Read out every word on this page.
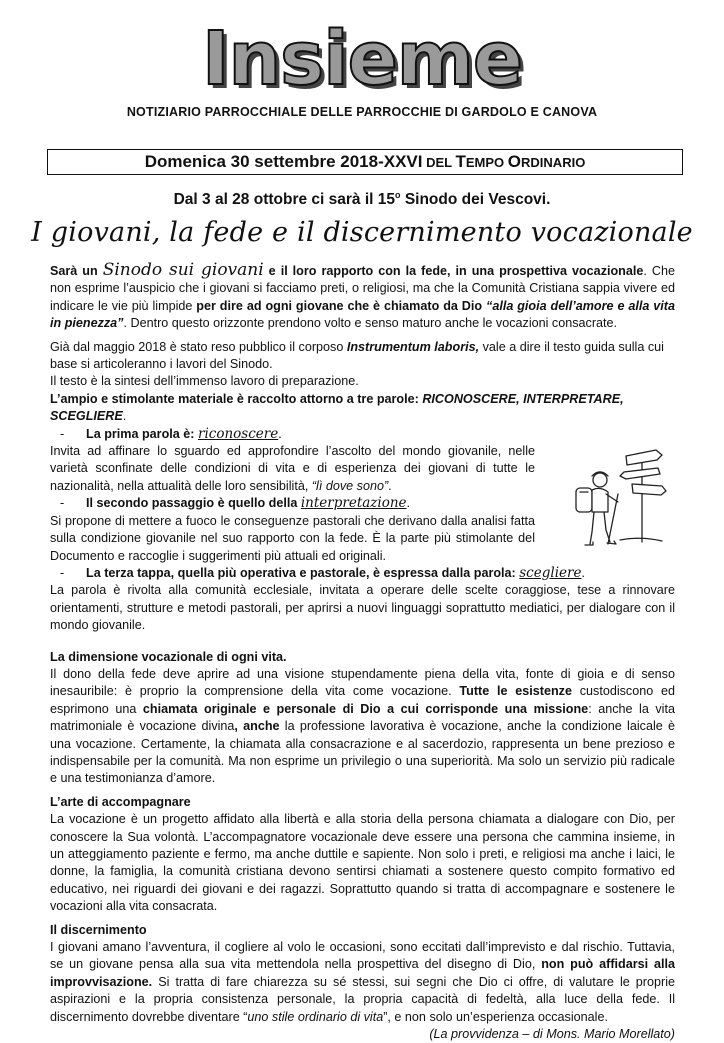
Insieme
NOTIZIARIO PARROCCHIALE DELLE PARROCCHIE DI GARDOLO E CANOVA
Domenica 30 settembre 2018-XXVI DEL TEMPO ORDINARIO
Dal 3 al 28 ottobre ci sarà il 15$^o$ Sinodo dei Vescovi.
I giovani, la fede e il discernimento vocazionale

Sarà un Sinodo sui giovani e il loro rapporto con la fede, in una prospettiva vocazionale. Che non esprime l’auspicio che i giovani si facciamo preti, o religiosi, ma che la Comunità Cristiana sappia vivere ed indicare le vie più limpide per dire ad ogni giovane che è chiamato da Dio “alla gioia dell’amore e alla vita in pienezza”. Dentro questo orizzonte prendono volto e senso maturo anche le vocazioni consacrate.

Già dal maggio 2018 è stato reso pubblico il corposo Instrumentum laboris, vale a dire il testo guida sulla cui base si articoleranno i lavori del Sinodo.

Il testo è la sintesi dell’immenso lavoro di preparazione.

L’ampio e stimolante materiale è raccolto attorno a tre parole: RICONOSCERE, INTERPRETARE, SCEGLIERE.

-	La prima parola è: riconoscere.

Invita ad affinare lo sguardo ed approfondire l’ascolto del mondo giovanile, nelle varietà sconfinate delle condizioni di vita e di esperienza dei giovani di tutte le nazionalità, nella attualità delle loro sensibilità, “lì dove sono”.

-	Il secondo passaggio è quello della interpretazione.

Si propone di mettere a fuoco le conseguenze pastorali che derivano dalla analisi fatta sulla condizione giovanile nel suo rapporto con la fede. È la parte più stimolante del Documento e raccoglie i suggerimenti più attuali ed originali.

-	La terza tappa, quella più operativa e pastorale, è espressa dalla parola: scegliere.

La parola è rivolta alla comunità ecclesiale, invitata a operare delle scelte coraggiose, tese a rinnovare orientamenti, strutture e metodi pastorali, per aprirsi a nuovi linguaggi soprattutto mediatici, per dialogare con il mondo giovanile.

La dimensione vocazionale di ogni vita.

Il dono della fede deve aprire ad una visione stupendamente piena della vita, fonte di gioia e di senso inesauribile: è proprio la comprensione della vita come vocazione. Tutte le esistenze custodiscono ed esprimono una chiamata originale e personale di Dio a cui corrisponde una missione: anche la vita matrimoniale è vocazione divina, anche la professione lavorativa è vocazione, anche la condizione laicale è una vocazione. Certamente, la chiamata alla consacrazione e al sacerdozio, rappresenta un bene prezioso e indispensabile per la comunità. Ma non esprime un privilegio o una superiorità. Ma solo un servizio più radicale e una testimonianza d’amore.

L’arte di accompagnare

La vocazione è un progetto affidato alla libertà e alla storia della persona chiamata a dialogare con Dio, per conoscere la Sua volontà. L’accompagnatore vocazionale deve essere una persona che cammina insieme, in un atteggiamento paziente e fermo, ma anche duttile e sapiente. Non solo i preti, e religiosi ma anche i laici, le donne, la famiglia, la comunità cristiana devono sentirsi chiamati a sostenere questo compito formativo ed educativo, nei riguardi dei giovani e dei ragazzi. Soprattutto quando si tratta di accompagnare e sostenere le vocazioni alla vita consacrata.

Il discernimento

I giovani amano l’avventura, il cogliere al volo le occasioni, sono eccitati dall’imprevisto e dal rischio. Tuttavia, se un giovane pensa alla sua vita mettendola nella prospettiva del disegno di Dio, non può affidarsi alla improvvisazione. Si tratta di fare chiarezza su sé stessi, sui segni che Dio ci offre, di valutare le proprie aspirazioni e la propria consistenza personale, la propria capacità di fedeltà, alla luce della fede. Il discernimento dovrebbe diventare “uno stile ordinario di vita”, e non solo un’esperienza occasionale.

(La provvidenza – di Mons. Mario Morellato)
